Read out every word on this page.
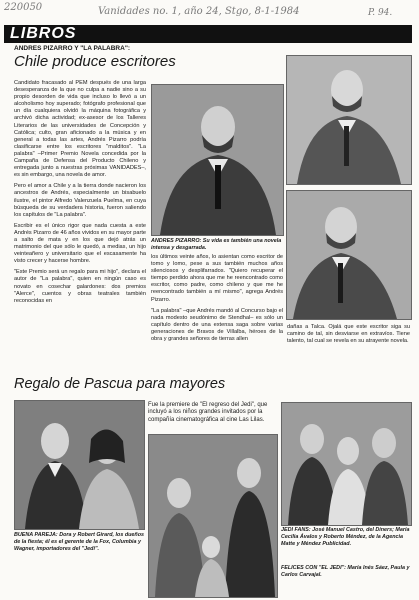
220050	Vanidades no. 1, año 24, Stgo, 8-1-1984	P. 94.
LIBROS
ANDRES PIZARRO Y "LA PALABRA":
Chile produce escritores

Candidato fracasado al PEM después de una larga desesperanza de la que no culpa a nadie sino a su propio desorden de vida que incluso lo llevó a un alcoholismo hoy superado; fotógrafo profesional que un día cualquiera olvidó la máquina fotográfica y archivó dicha actividad; ex-asesor de los Talleres Literarios de las universidades de Concepción y Católica; culto, gran aficionado a la música y en general a todas las artes, Andrés Pizarro podría clasificarse entre los escritores "malditos". "La palabra" –Primer Premio Novela concedida por la Campaña de Defensa del Producto Chileno y entregada junto a nuestras próximas VANIDADES–, es sin embargo, una novela de amor.

Pero el amor a Chile y a la tierra donde nacieron los ancestros de Andrés, especialmente un bisabuelo ilustre, el pintor Alfredo Valenzuela Puelma, en cuya búsqueda de su verdadera historia, fueron saliendo los capítulos de "La palabra".

Escribir es el único rigor que nada cuesta a este Andrés Pizarro de 46 años vividos en su mayor parte a salto de mata y en los que dejó atrás un matrimonio del que sólo le quedó, a medias, un hijo veinteañero y universitario que el escasamente ha visto crecer y hacerse hombre.

"Este Premio será un regalo para mi hijo", declara el autor de "La palabra", quien en ningún caso es novato en cosechar galardones: dos premios "Alerce", cuentos y obras teatrales también reconocidas en

ANDRES PIZARRO: Su vida es también una novela intensa y desgarrada.

los últimos veinte años, lo asientan como escritor de tomo y lomo, pese a sus también muchos años silenciosos y desplifarrados. "Quiero recuperar el tiempo perdido ahora que me he reencontrado como escritor, como padre, como chileno y que me he reencontrado también a mí mismo", agrega Andrés Pizarro.

"La palabra" –que Andrés mandó al Concurso bajo el nada modesto seudónimo de Stendhal– es sólo un capítulo dentro de una extensa saga sobre varias generaciones de Bravos de Villalba, héroes de la obra y grandes señores de tierras allen

dañas a Talca. Ojalá que este escritor siga su camino de tal, sin desviarse en extravíos. Tiene talento, tal cual se revela en su atrayente novela.

Regalo de Pascua para mayores
BUENA PAREJA: Dora y Robert Girard, los dueños de la fiesta; él es el gerente de la Fox, Columbia y Wagner, importadores del "Jedi".
Fue la premiere de "El regreso del Jedi", que incluyó a los niños grandes invitados por la compañía cinematográfica al cine Las Lilas.
JEDI FANS: José Manuel Castro, del Diners; María Cecilia Ávalos y Roberto Méndez, de la Agencia Matte y Méndez Publicidad.
FELICES CON "EL JEDI": María Inés Sáez, Paula y Carlos Carvajal.
